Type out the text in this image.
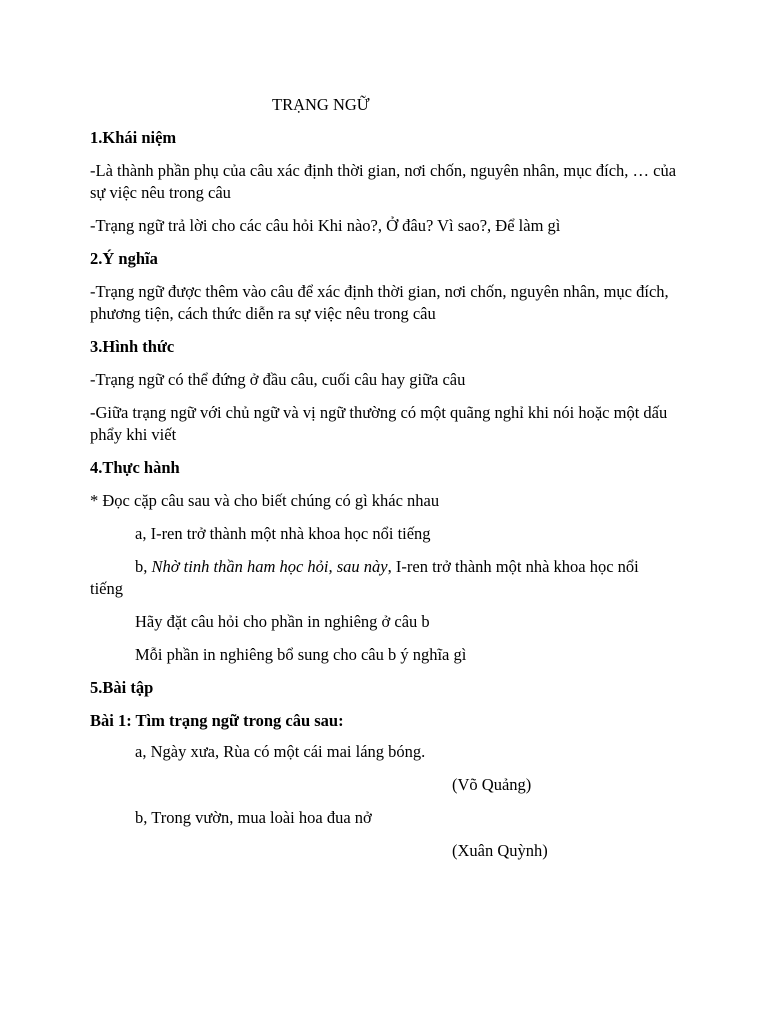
TRẠNG NGỮ
1.Khái niệm
-Là thành phần phụ của câu xác định thời gian, nơi chốn, nguyên nhân, mục đích, … của sự việc nêu trong câu
-Trạng ngữ trả lời cho các câu hỏi Khi nào?, Ở đâu? Vì sao?, Để làm gì
2.Ý nghĩa
-Trạng ngữ được thêm vào câu để xác định thời gian, nơi chốn, nguyên nhân, mục đích, phương tiện, cách thức diễn ra sự việc nêu trong câu
3.Hình thức
-Trạng ngữ có thể đứng ở đầu câu, cuối câu hay giữa câu
-Giữa trạng ngữ với chủ ngữ và vị ngữ thường có một quãng nghỉ khi nói hoặc một dấu phẩy khi viết
4.Thực hành
* Đọc cặp câu sau và cho biết chúng có gì khác nhau
a, I-ren trở thành một nhà khoa học nổi tiếng
b, Nhờ tinh thần ham học hỏi, sau này, I-ren trở thành một nhà khoa học nổi
tiếng
Hãy đặt câu hỏi cho phần in nghiêng ở câu b
Mỗi phần in nghiêng bổ sung cho câu b ý nghĩa gì
5.Bài tập
Bài 1: Tìm trạng ngữ trong câu sau:
a, Ngày xưa, Rùa có một cái mai láng bóng.
(Võ Quảng)
b, Trong vườn, mua loài hoa đua nở
(Xuân Quỳnh)
